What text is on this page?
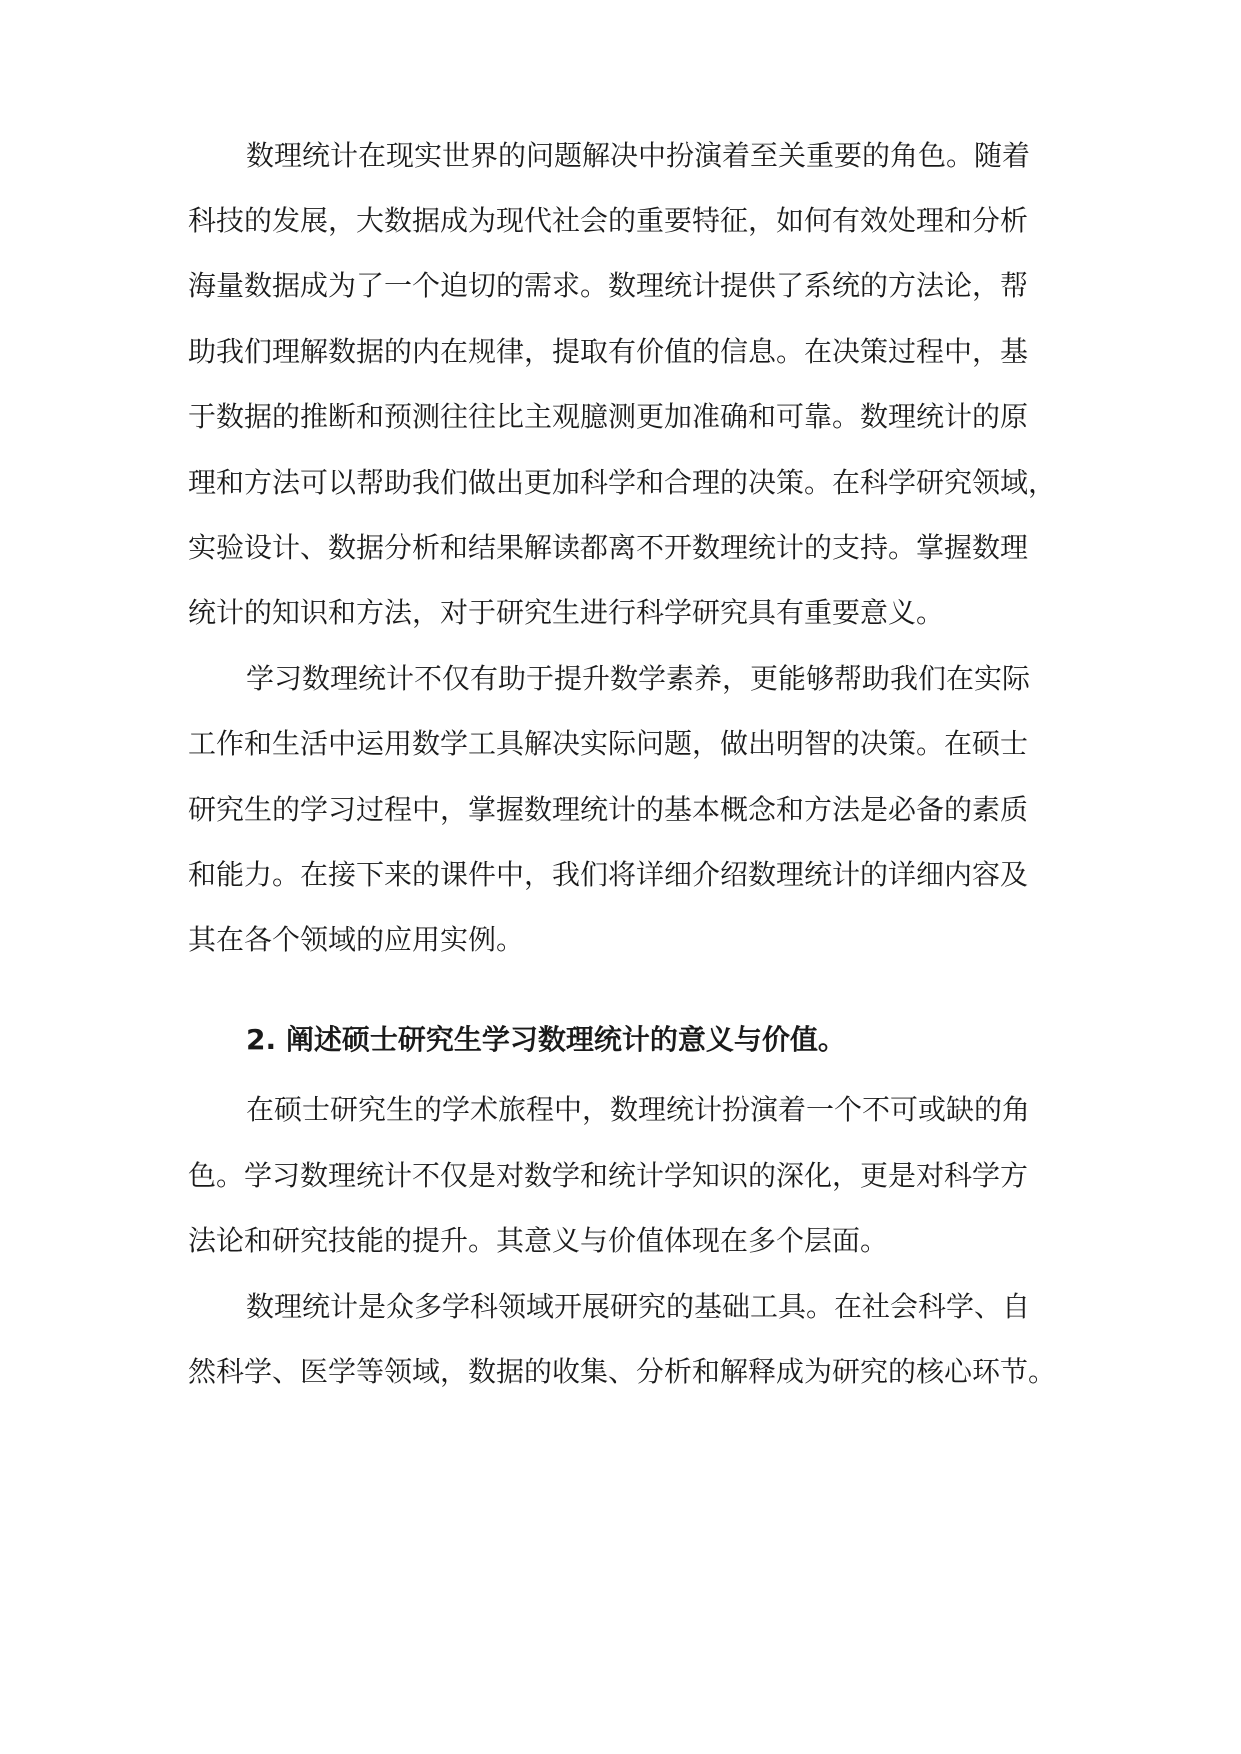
数理统计在现实世界的问题解决中扮演着至关重要的角色。随着

科技的发展，大数据成为现代社会的重要特征，如何有效处理和分析

海量数据成为了一个迫切的需求。数理统计提供了系统的方法论，帮

助我们理解数据的内在规律，提取有价值的信息。在决策过程中，基

于数据的推断和预测往往比主观臆测更加准确和可靠。数理统计的原

理和方法可以帮助我们做出更加科学和合理的决策。在科学研究领域，

实验设计、数据分析和结果解读都离不开数理统计的支持。掌握数理

统计的知识和方法，对于研究生进行科学研究具有重要意义。

学习数理统计不仅有助于提升数学素养，更能够帮助我们在实际

工作和生活中运用数学工具解决实际问题，做出明智的决策。在硕士

研究生的学习过程中，掌握数理统计的基本概念和方法是必备的素质

和能力。在接下来的课件中，我们将详细介绍数理统计的详细内容及

其在各个领域的应用实例。

2. 阐述硕士研究生学习数理统计的意义与价值。

在硕士研究生的学术旅程中，数理统计扮演着一个不可或缺的角

色。学习数理统计不仅是对数学和统计学知识的深化，更是对科学方

法论和研究技能的提升。其意义与价值体现在多个层面。

数理统计是众多学科领域开展研究的基础工具。在社会科学、自

然科学、医学等领域，数据的收集、分析和解释成为研究的核心环节。
